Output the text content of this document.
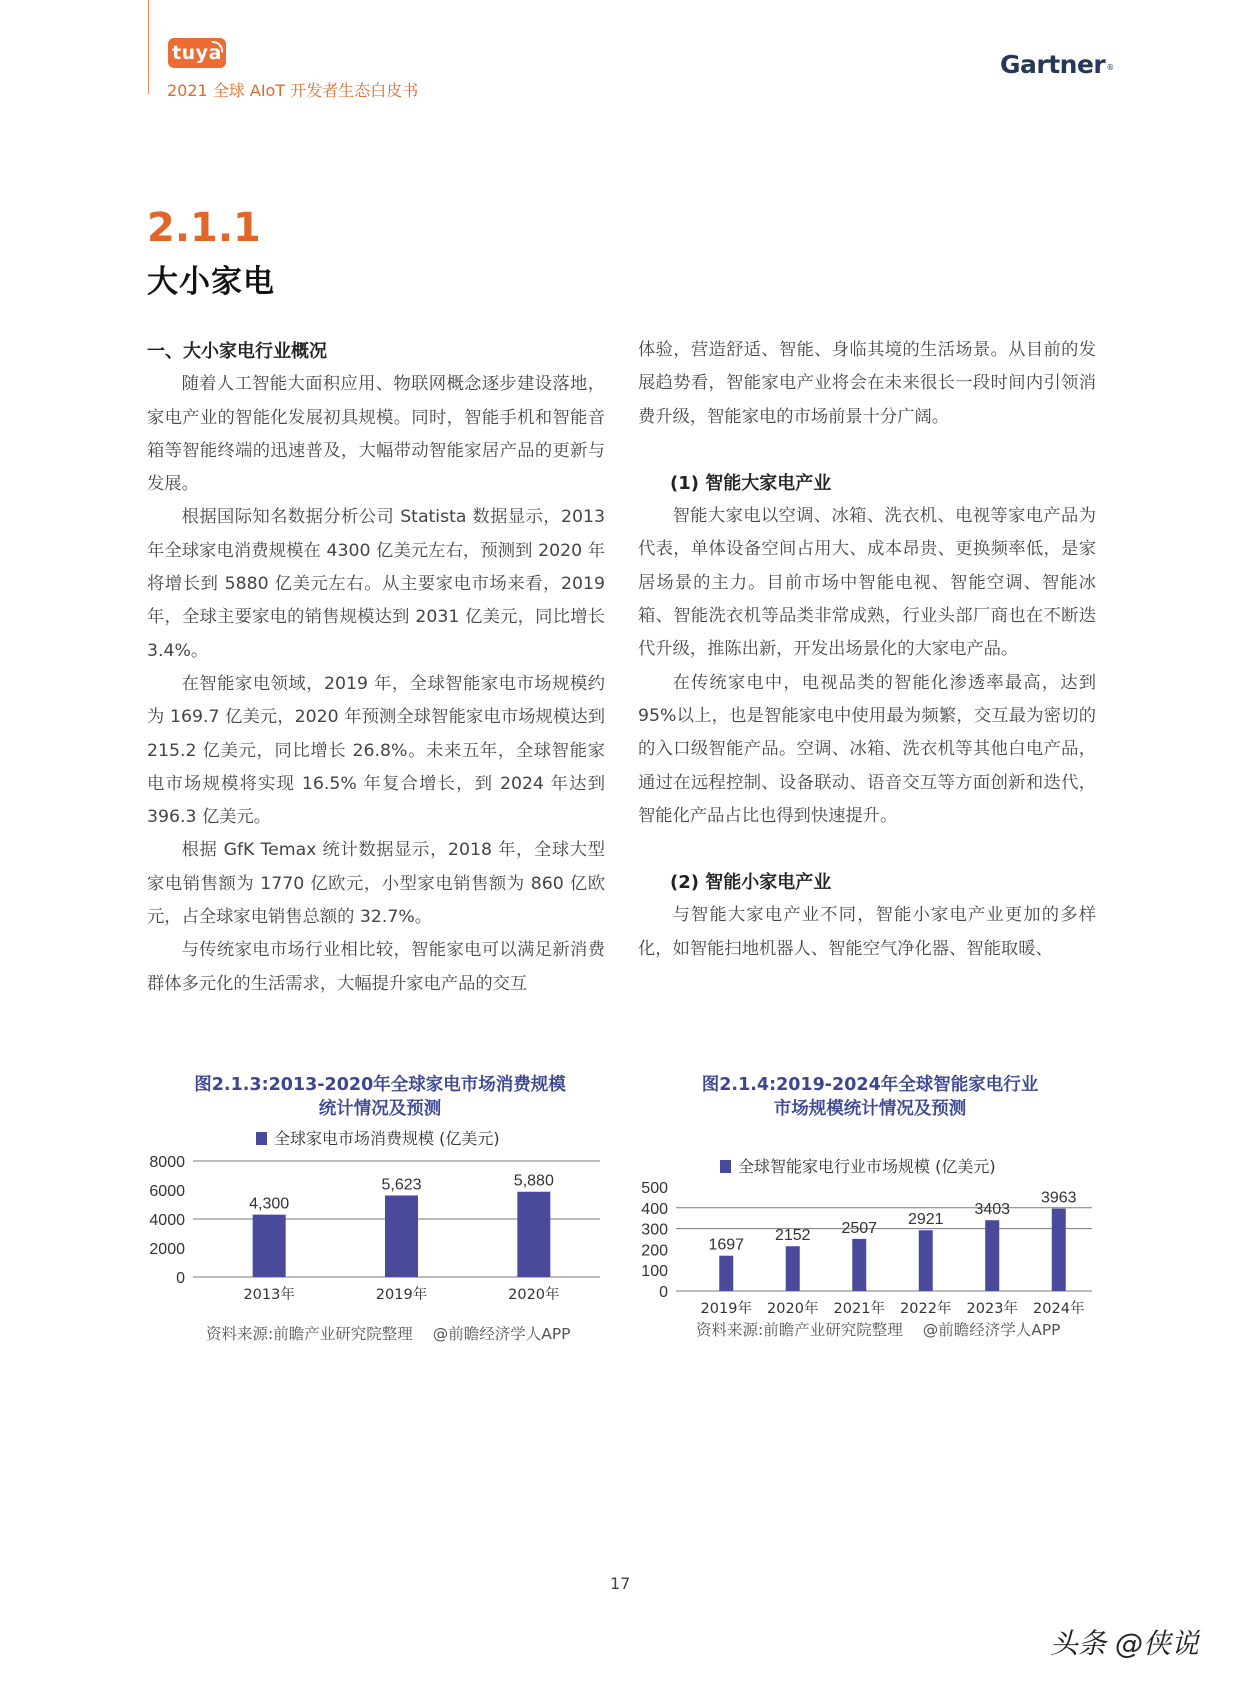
tuya
2021 全球 AIoT 开发者生态白皮书
Gartner®
2.1.1
大小家电
一、大小家电行业概况

随着人工智能大面积应用、物联网概念逐步建设落地，家电产业的智能化发展初具规模。同时，智能手机和智能音箱等智能终端的迅速普及，大幅带动智能家居产品的更新与发展。

根据国际知名数据分析公司 Statista 数据显示，2013 年全球家电消费规模在 4300 亿美元左右，预测到 2020 年将增长到 5880 亿美元左右。从主要家电市场来看，2019 年，全球主要家电的销售规模达到 2031 亿美元，同比增长 3.4%。

在智能家电领域，2019 年，全球智能家电市场规模约为 169.7 亿美元，2020 年预测全球智能家电市场规模达到 215.2 亿美元，同比增长 26.8%。未来五年，全球智能家电市场规模将实现 16.5% 年复合增长，到 2024 年达到 396.3 亿美元。

根据 GfK Temax 统计数据显示，2018 年，全球大型家电销售额为 1770 亿欧元，小型家电销售额为 860 亿欧元，占全球家电销售总额的 32.7%。

与传统家电市场行业相比较，智能家电可以满足新消费群体多元化的生活需求，大幅提升家电产品的交互

体验，营造舒适、智能、身临其境的生活场景。从目前的发展趋势看，智能家电产业将会在未来很长一段时间内引领消费升级，智能家电的市场前景十分广阔。

(1) 智能大家电产业

智能大家电以空调、冰箱、洗衣机、电视等家电产品为代表，单体设备空间占用大、成本昂贵、更换频率低，是家居场景的主力。目前市场中智能电视、智能空调、智能冰箱、智能洗衣机等品类非常成熟，行业头部厂商也在不断迭代升级，推陈出新，开发出场景化的大家电产品。

在传统家电中，电视品类的智能化渗透率最高，达到95%以上，也是智能家电中使用最为频繁，交互最为密切的的入口级智能产品。空调、冰箱、洗衣机等其他白电产品，通过在远程控制、设备联动、语音交互等方面创新和迭代，智能化产品占比也得到快速提升。

(2) 智能小家电产业

与智能大家电产业不同，智能小家电产业更加的多样化，如智能扫地机器人、智能空气净化器、智能取暖、

图2.1.3:2013-2020年全球家电市场消费规模
统计情况及预测
0
2000
4000
6000
8000
全球家电市场消费规模 (亿美元)
4,300
2013年
5,623
2019年
5,880
2020年
资料来源:前瞻产业研究院整理 @前瞻经济学人APP
图2.1.4:2019-2024年全球智能家电行业
市场规模统计情况及预测
0
100
200
300
400
500
全球智能家电行业市场规模 (亿美元)
1697
2019年
2152
2020年
2507
2021年
2921
2022年
3403
2023年
3963
2024年
资料来源:前瞻产业研究院整理 @前瞻经济学人APP
17
头条 @侠说
